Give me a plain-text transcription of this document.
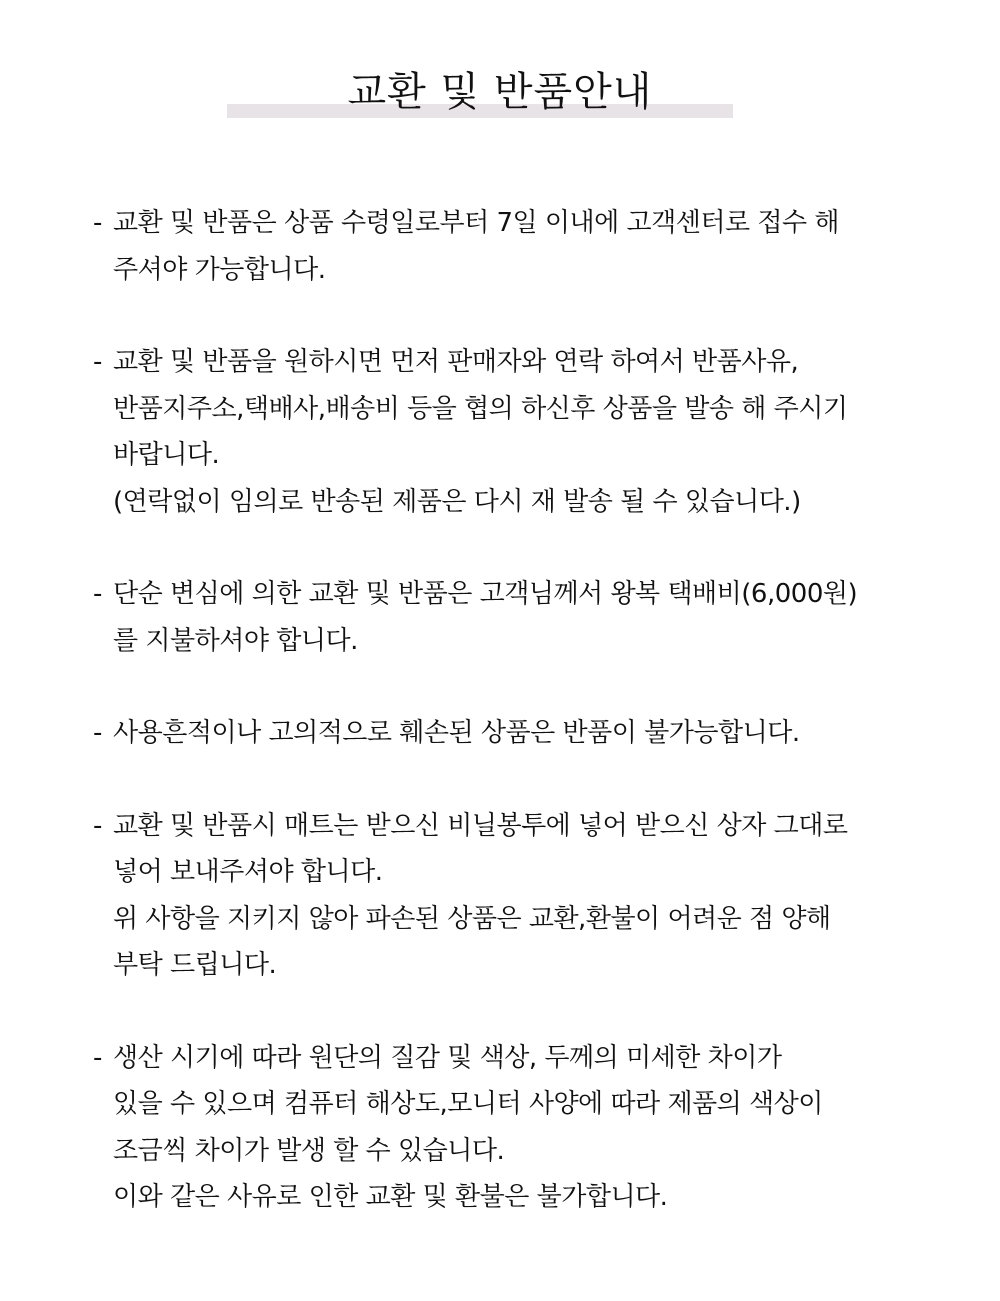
교환 및 반품안내
- 교환 및 반품은 상품 수령일로부터 7일 이내에 고객센터로 접수 해
주셔야 가능합니다.
- 교환 및 반품을 원하시면 먼저 판매자와 연락 하여서 반품사유,
반품지주소,택배사,배송비 등을 협의 하신후 상품을 발송 해 주시기
바랍니다.
(연락없이 임의로 반송된 제품은 다시 재 발송 될 수 있습니다.)
- 단순 변심에 의한 교환 및 반품은 고객님께서 왕복 택배비(6,000원)
를 지불하셔야 합니다.
- 사용흔적이나 고의적으로 훼손된 상품은 반품이 불가능합니다.
- 교환 및 반품시 매트는 받으신 비닐봉투에 넣어 받으신 상자 그대로
넣어 보내주셔야 합니다.
위 사항을 지키지 않아 파손된 상품은 교환,환불이 어려운 점 양해
부탁 드립니다.
- 생산 시기에 따라 원단의 질감 및 색상, 두께의 미세한 차이가
있을 수 있으며 컴퓨터 해상도,모니터 사양에 따라 제품의 색상이
조금씩 차이가 발생 할 수 있습니다.
이와 같은 사유로 인한 교환 및 환불은 불가합니다.
